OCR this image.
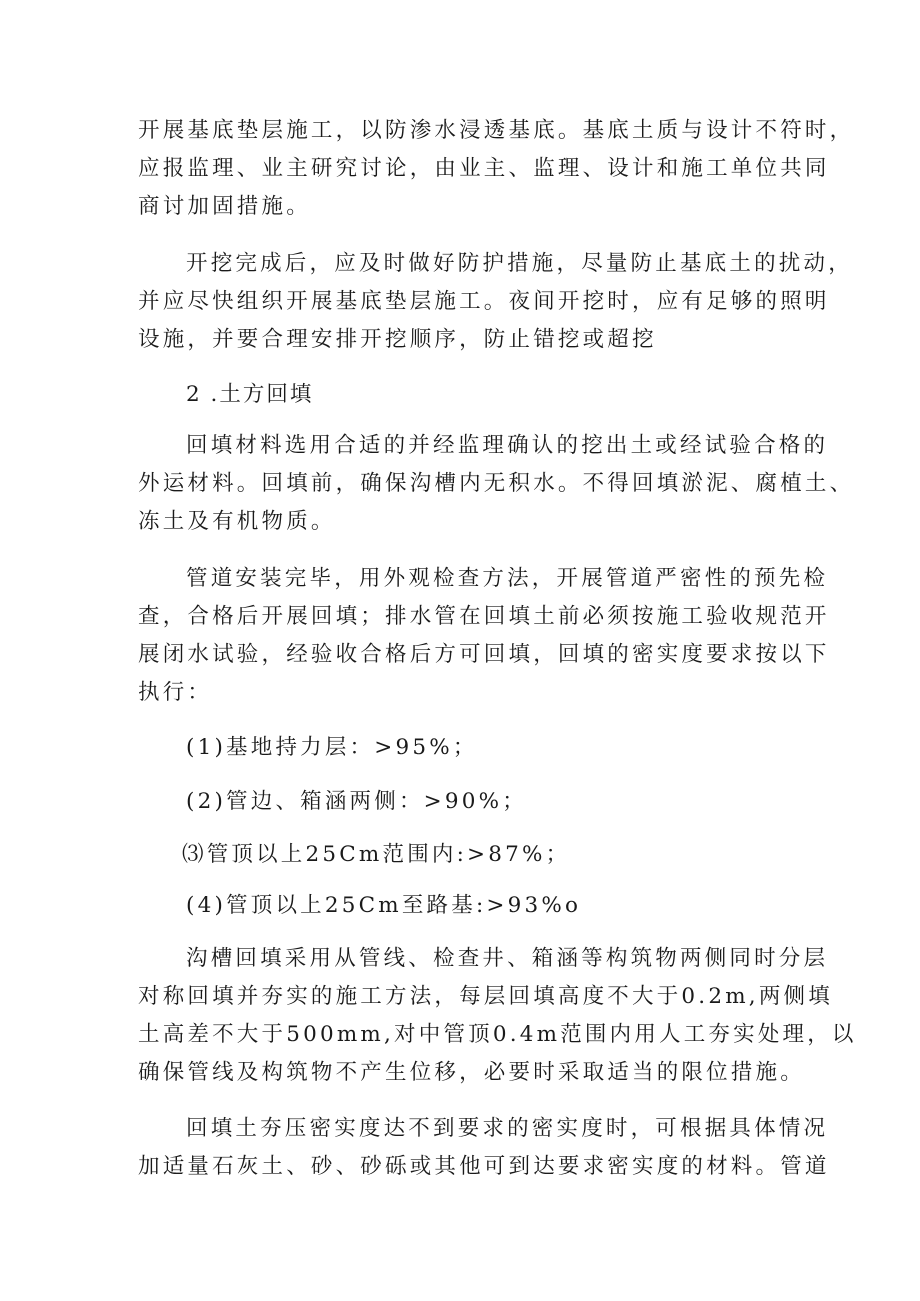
开展基底垫层施工，以防渗水浸透基底。基底土质与设计不符时，
应报监理、业主研究讨论，由业主、监理、设计和施工单位共同
商讨加固措施。
开挖完成后，应及时做好防护措施，尽量防止基底土的扰动，
并应尽快组织开展基底垫层施工。夜间开挖时，应有足够的照明
设施，并要合理安排开挖顺序，防止错挖或超挖
2 .土方回填
回填材料选用合适的并经监理确认的挖出土或经试验合格的
外运材料。回填前，确保沟槽内无积水。不得回填淤泥、腐植土、
冻土及有机物质。
管道安装完毕，用外观检查方法，开展管道严密性的预先检
查，合格后开展回填；排水管在回填土前必须按施工验收规范开
展闭水试验，经验收合格后方可回填，回填的密实度要求按以下
执行：
(1)基地持力层：>95%；
(2)管边、箱涵两侧：>90%；
⑶管顶以上25Cm范围内:>87%；
(4)管顶以上25Cm至路基:>93%o
沟槽回填采用从管线、检查井、箱涵等构筑物两侧同时分层
对称回填并夯实的施工方法，每层回填高度不大于0.2m,两侧填
土高差不大于500mm,对中管顶0.4m范围内用人工夯实处理，以
确保管线及构筑物不产生位移，必要时采取适当的限位措施。
回填土夯压密实度达不到要求的密实度时，可根据具体情况
加适量石灰土、砂、砂砾或其他可到达要求密实度的材料。管道
